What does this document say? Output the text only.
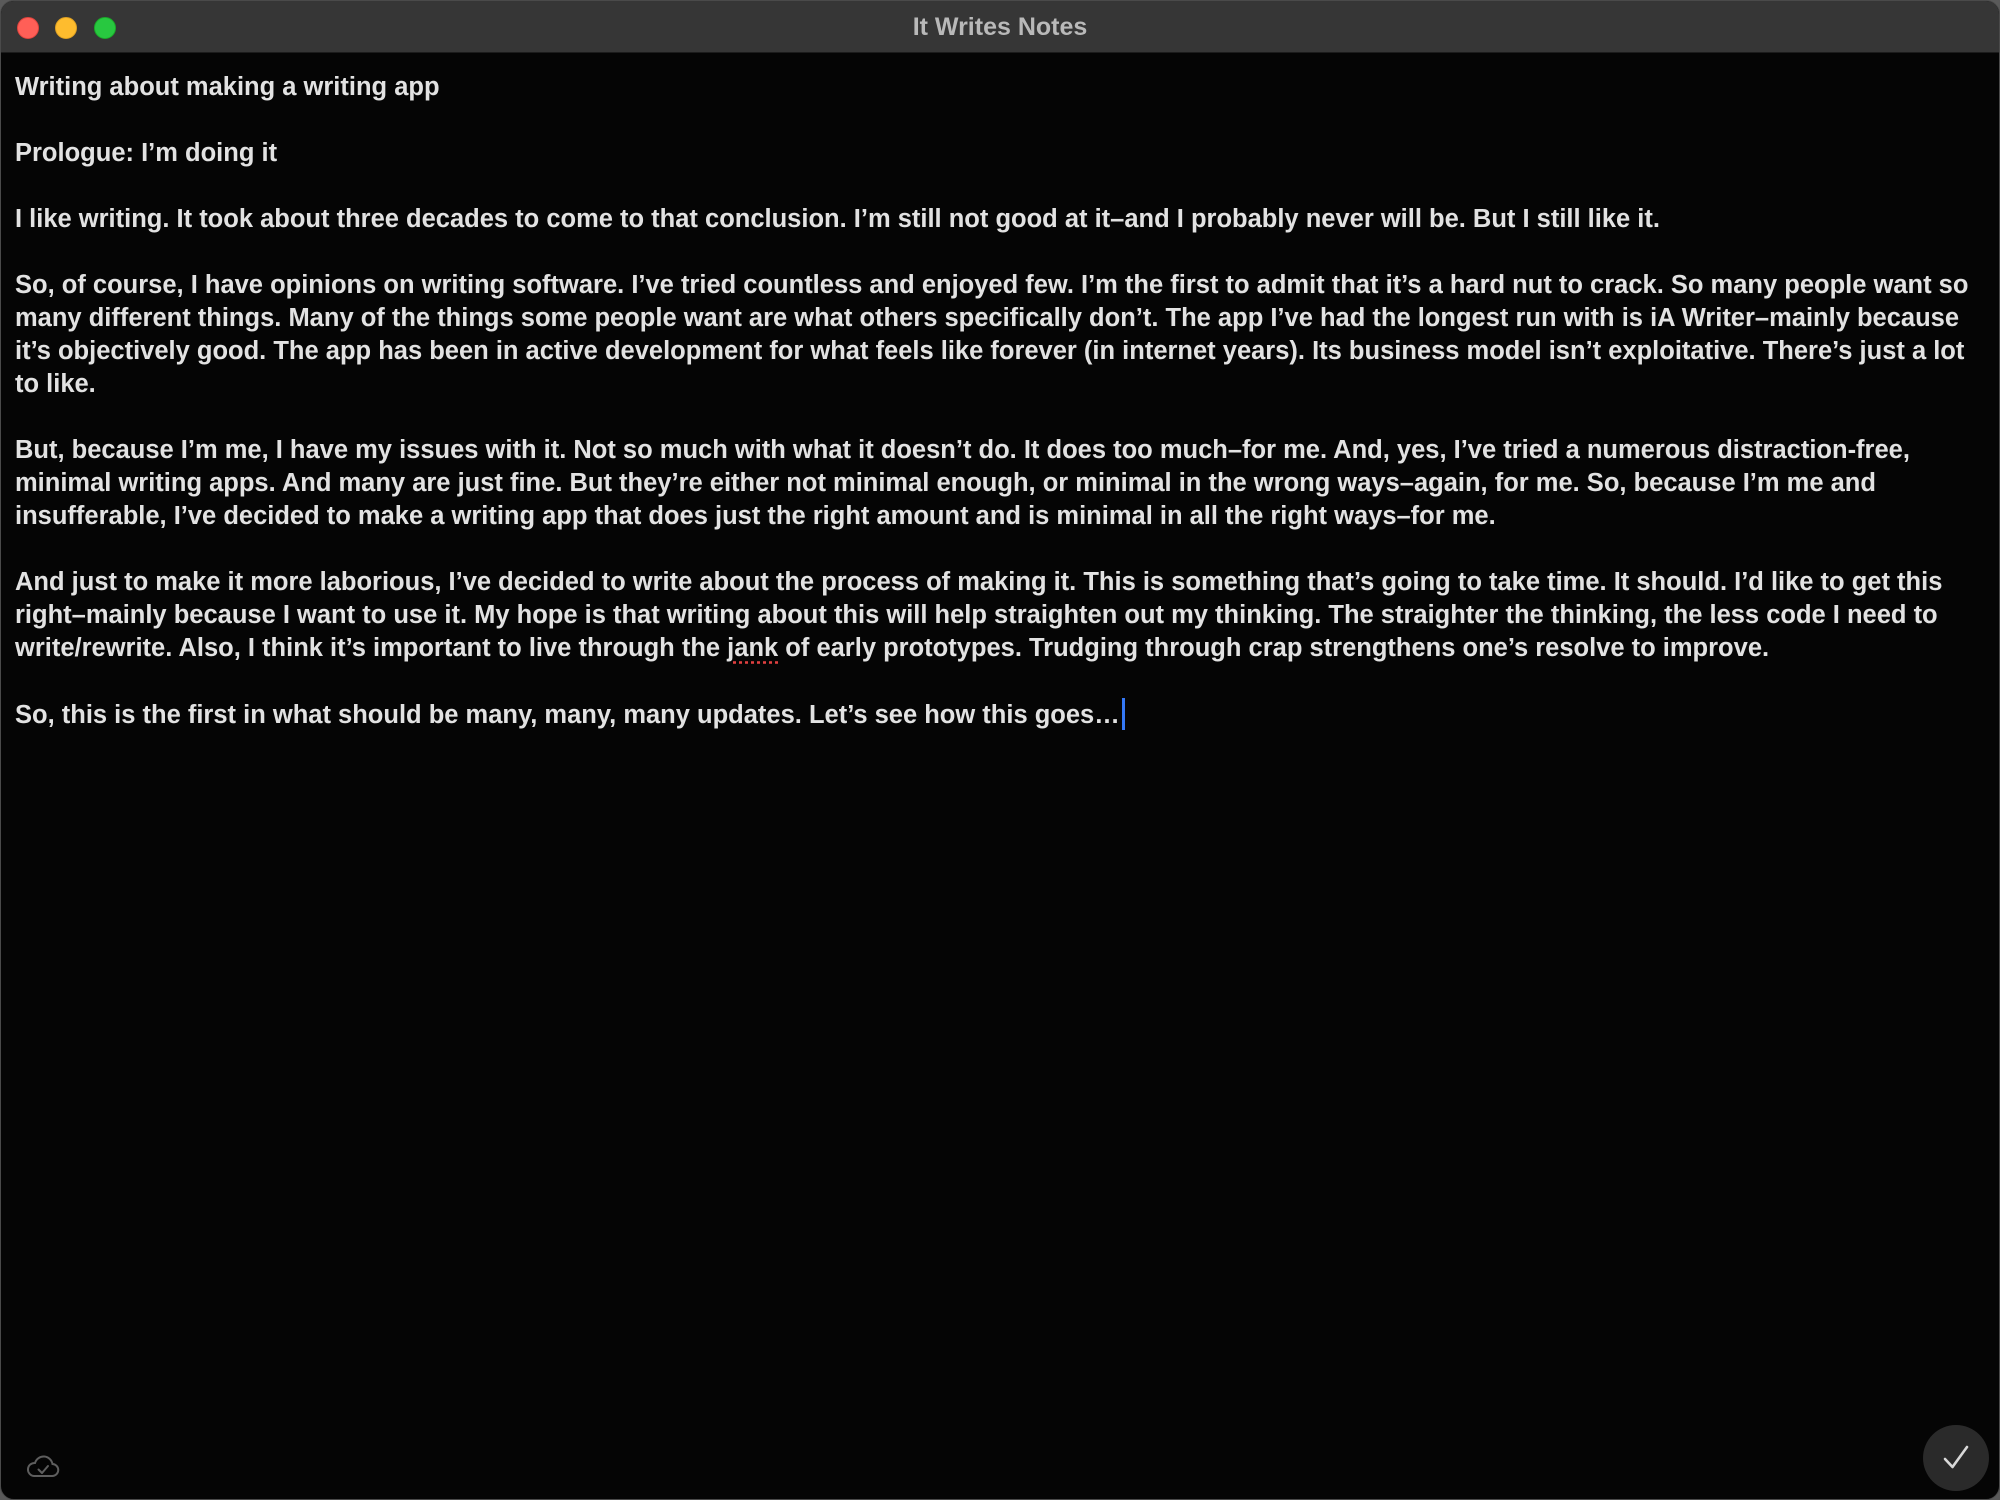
It Writes Notes

Writing about making a writing app

Prologue: I’m doing it

I like writing. It took about three decades to come to that conclusion. I’m still not good at it–and I probably never will be. But I still like it.

So, of course, I have opinions on writing software. I’ve tried countless and enjoyed few. I’m the first to admit that it’s a hard nut to crack. So many people want so many different things. Many of the things some people want are what others specifically don’t. The app I’ve had the longest run with is iA Writer–mainly because it’s objectively good. The app has been in active development for what feels like forever (in internet years). Its business model isn’t exploitative. There’s just a lot to like.

But, because I’m me, I have my issues with it. Not so much with what it doesn’t do. It does too much–for me. And, yes, I’ve tried a numerous distraction-free, minimal writing apps. And many are just fine. But they’re either not minimal enough, or minimal in the wrong ways–again, for me. So, because I’m me and insufferable, I’ve decided to make a writing app that does just the right amount and is minimal in all the right ways–for me.

And just to make it more laborious, I’ve decided to write about the process of making it. This is something that’s going to take time. It should. I’d like to get this right–mainly because I want to use it. My hope is that writing about this will help straighten out my thinking. The straighter the thinking, the less code I need to write/rewrite. Also, I think it’s important to live through the jank of early prototypes. Trudging through crap strengthens one’s resolve to improve.

So, this is the first in what should be many, many, many updates. Let’s see how this goes…
